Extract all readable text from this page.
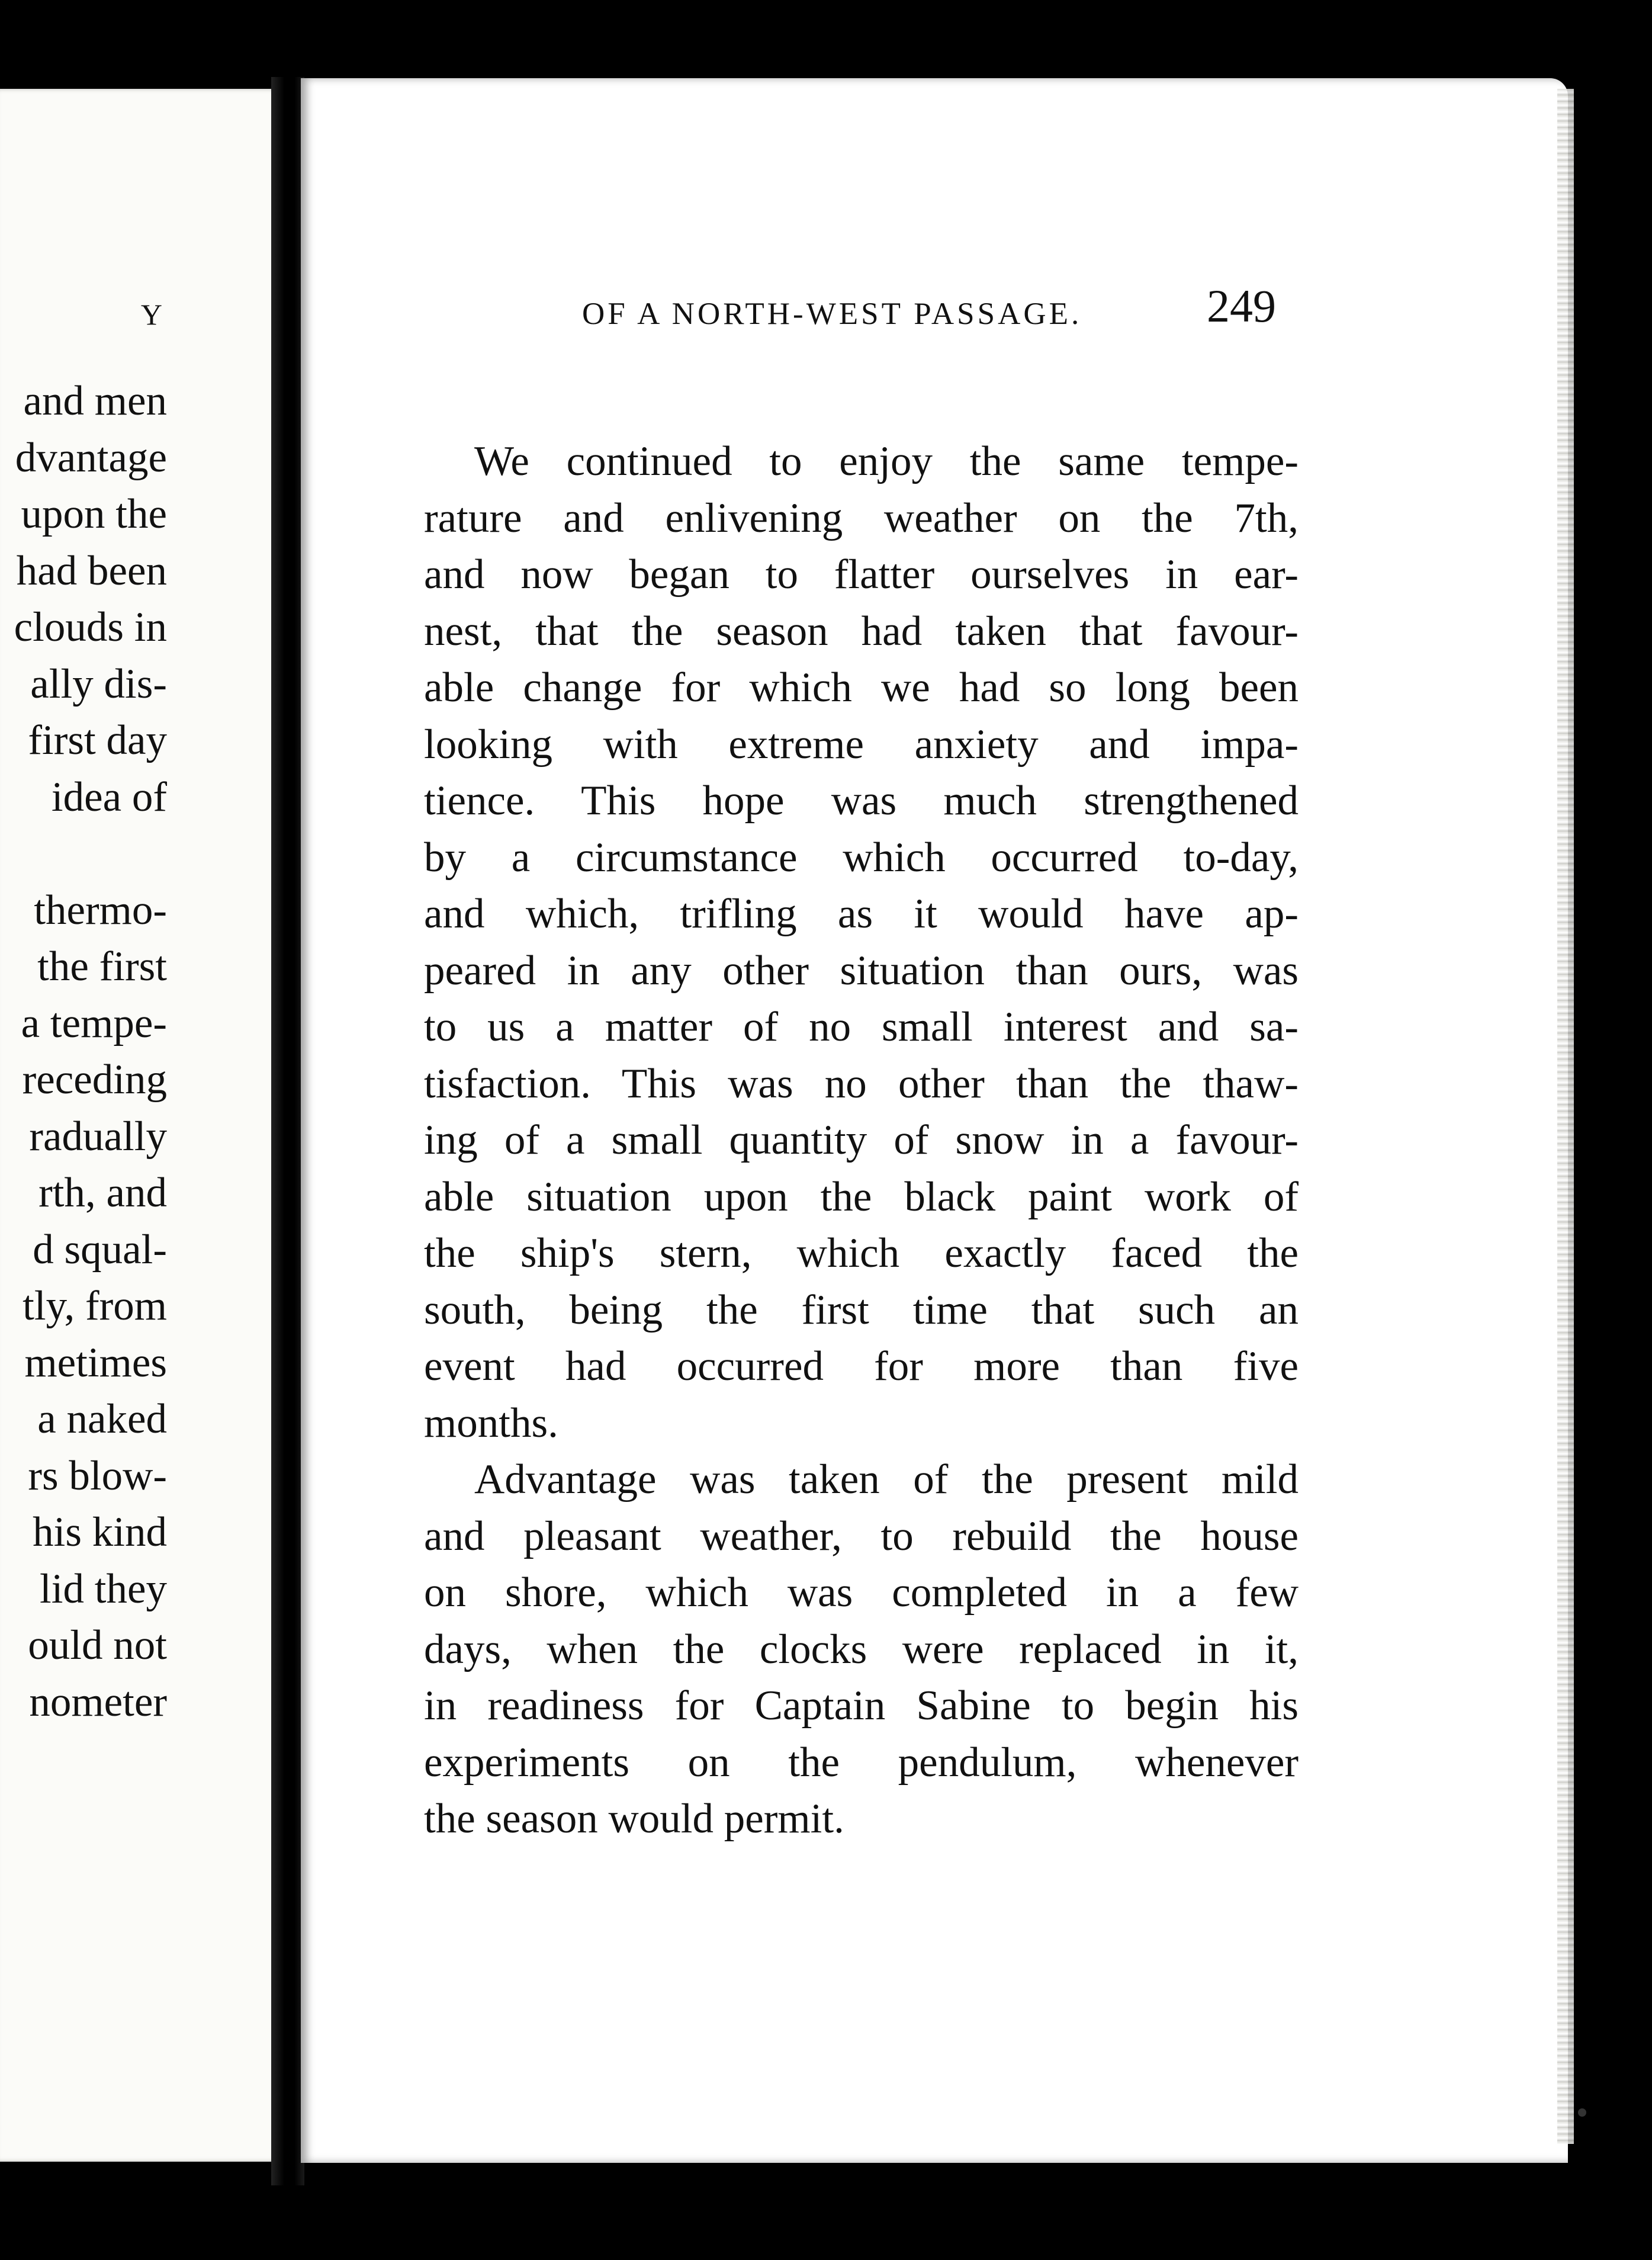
Y
and men
dvantage
upon the
had been
clouds in
ally dis-
first day
idea of
thermo-
the first
a tempe-
receding
radually
rth, and
d squal-
tly, from
metimes
a naked
rs blow-
his kind
lid they
ould not
nometer
OF A NORTH-WEST PASSAGE.	249
We continued to enjoy the same tempe-
rature and enlivening weather on the 7th,
and now began to flatter ourselves in ear-
nest, that the season had taken that favour-
able change for which we had so long been
looking with extreme anxiety and impa-
tience. This hope was much strengthened
by a circumstance which occurred to-day,
and which, trifling as it would have ap-
peared in any other situation than ours, was
to us a matter of no small interest and sa-
tisfaction. This was no other than the thaw-
ing of a small quantity of snow in a favour-
able situation upon the black paint work of
the ship's stern, which exactly faced the
south, being the first time that such an
event had occurred for more than five
months.
Advantage was taken of the present mild
and pleasant weather, to rebuild the house
on shore, which was completed in a few
days, when the clocks were replaced in it,
in readiness for Captain Sabine to begin his
experiments on the pendulum, whenever
the season would permit.
